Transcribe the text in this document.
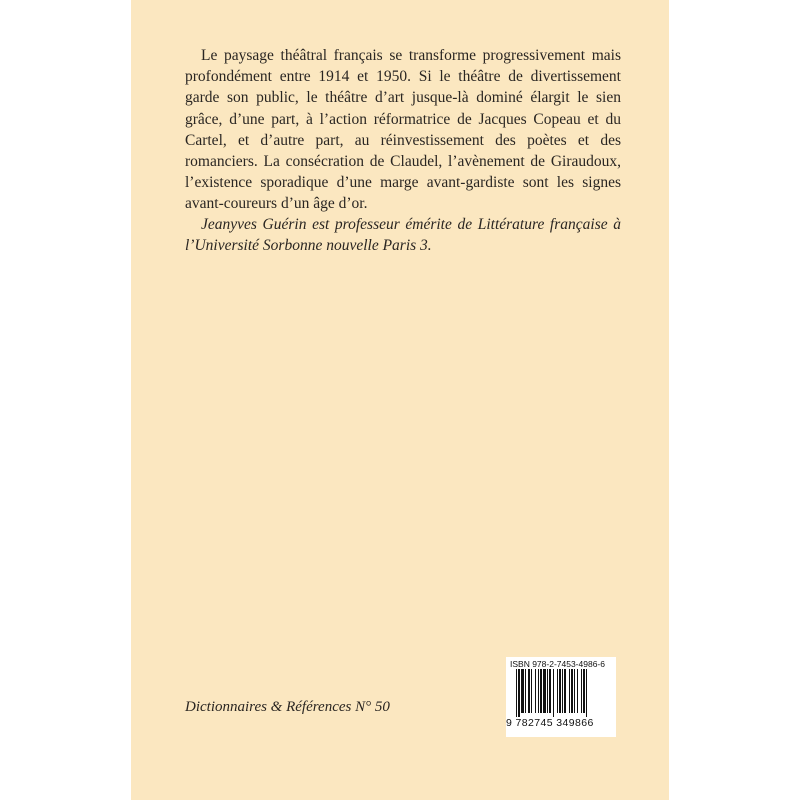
Le paysage théâtral français se transforme progressivement mais profondément entre 1914 et 1950. Si le théâtre de divertissement garde son public, le théâtre d’art jusque-là dominé élargit le sien grâce, d’une part, à l’action réformatrice de Jacques Copeau et du Cartel, et d’autre part, au réinvestissement des poètes et des romanciers. La consécration de Claudel, l’avènement de Giraudoux, l’existence sporadique d’une marge avant-gardiste sont les signes avant-coureurs d’un âge d’or.

Jeanyves Guérin est professeur émérite de Littérature française à l’Université Sorbonne nouvelle Paris 3.

Dictionnaires & Références N° 50
ISBN 978-2-7453-4986-6
9 782745 349866
